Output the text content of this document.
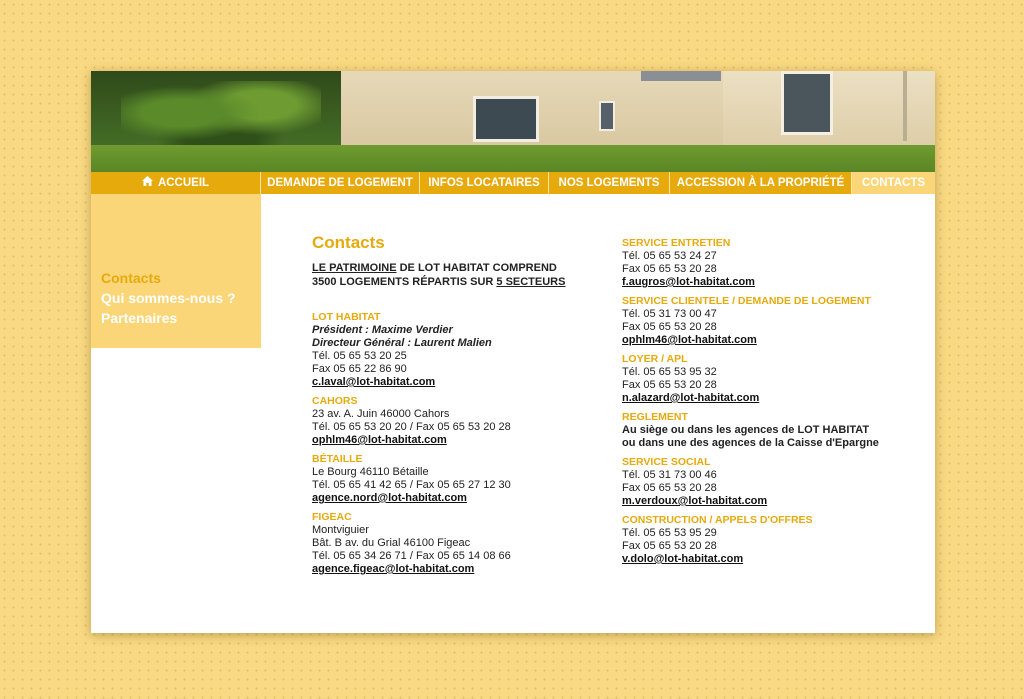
ACCUEIL	DEMANDE DE LOGEMENT	INFOS LOCATAIRES	NOS LOGEMENTS	ACCESSION À LA PROPRIÉTÉ	CONTACTS
Contacts
Qui sommes-nous ?
Partenaires
Contacts
LE PATRIMOINE DE LOT HABITAT COMPREND
3500 LOGEMENTS RÉPARTIS SUR 5 SECTEURS
LOT HABITAT
Président : Maxime Verdier
Directeur Général : Laurent Malien
Tél. 05 65 53 20 25
Fax 05 65 22 86 90
c.laval@lot-habitat.com
CAHORS
23 av. A. Juin 46000 Cahors
Tél. 05 65 53 20 20 / Fax 05 65 53 20 28
ophlm46@lot-habitat.com
BÉTAILLE
Le Bourg 46110 Bétaille
Tél. 05 65 41 42 65 / Fax 05 65 27 12 30
agence.nord@lot-habitat.com
FIGEAC
Montviguier
Bât. B av. du Grial 46100 Figeac
Tél. 05 65 34 26 71 / Fax 05 65 14 08 66
agence.figeac@lot-habitat.com
SERVICE ENTRETIEN
Tél. 05 65 53 24 27
Fax 05 65 53 20 28
f.augros@lot-habitat.com
SERVICE CLIENTELE / DEMANDE DE LOGEMENT
Tél. 05 31 73 00 47
Fax 05 65 53 20 28
ophlm46@lot-habitat.com
LOYER / APL
Tél. 05 65 53 95 32
Fax 05 65 53 20 28
n.alazard@lot-habitat.com
REGLEMENT
Au siège ou dans les agences de LOT HABITAT
ou dans une des agences de la Caisse d'Epargne
SERVICE SOCIAL
Tél. 05 31 73 00 46
Fax 05 65 53 20 28
m.verdoux@lot-habitat.com
CONSTRUCTION / APPELS D'OFFRES
Tél. 05 65 53 95 29
Fax 05 65 53 20 28
v.dolo@lot-habitat.com
